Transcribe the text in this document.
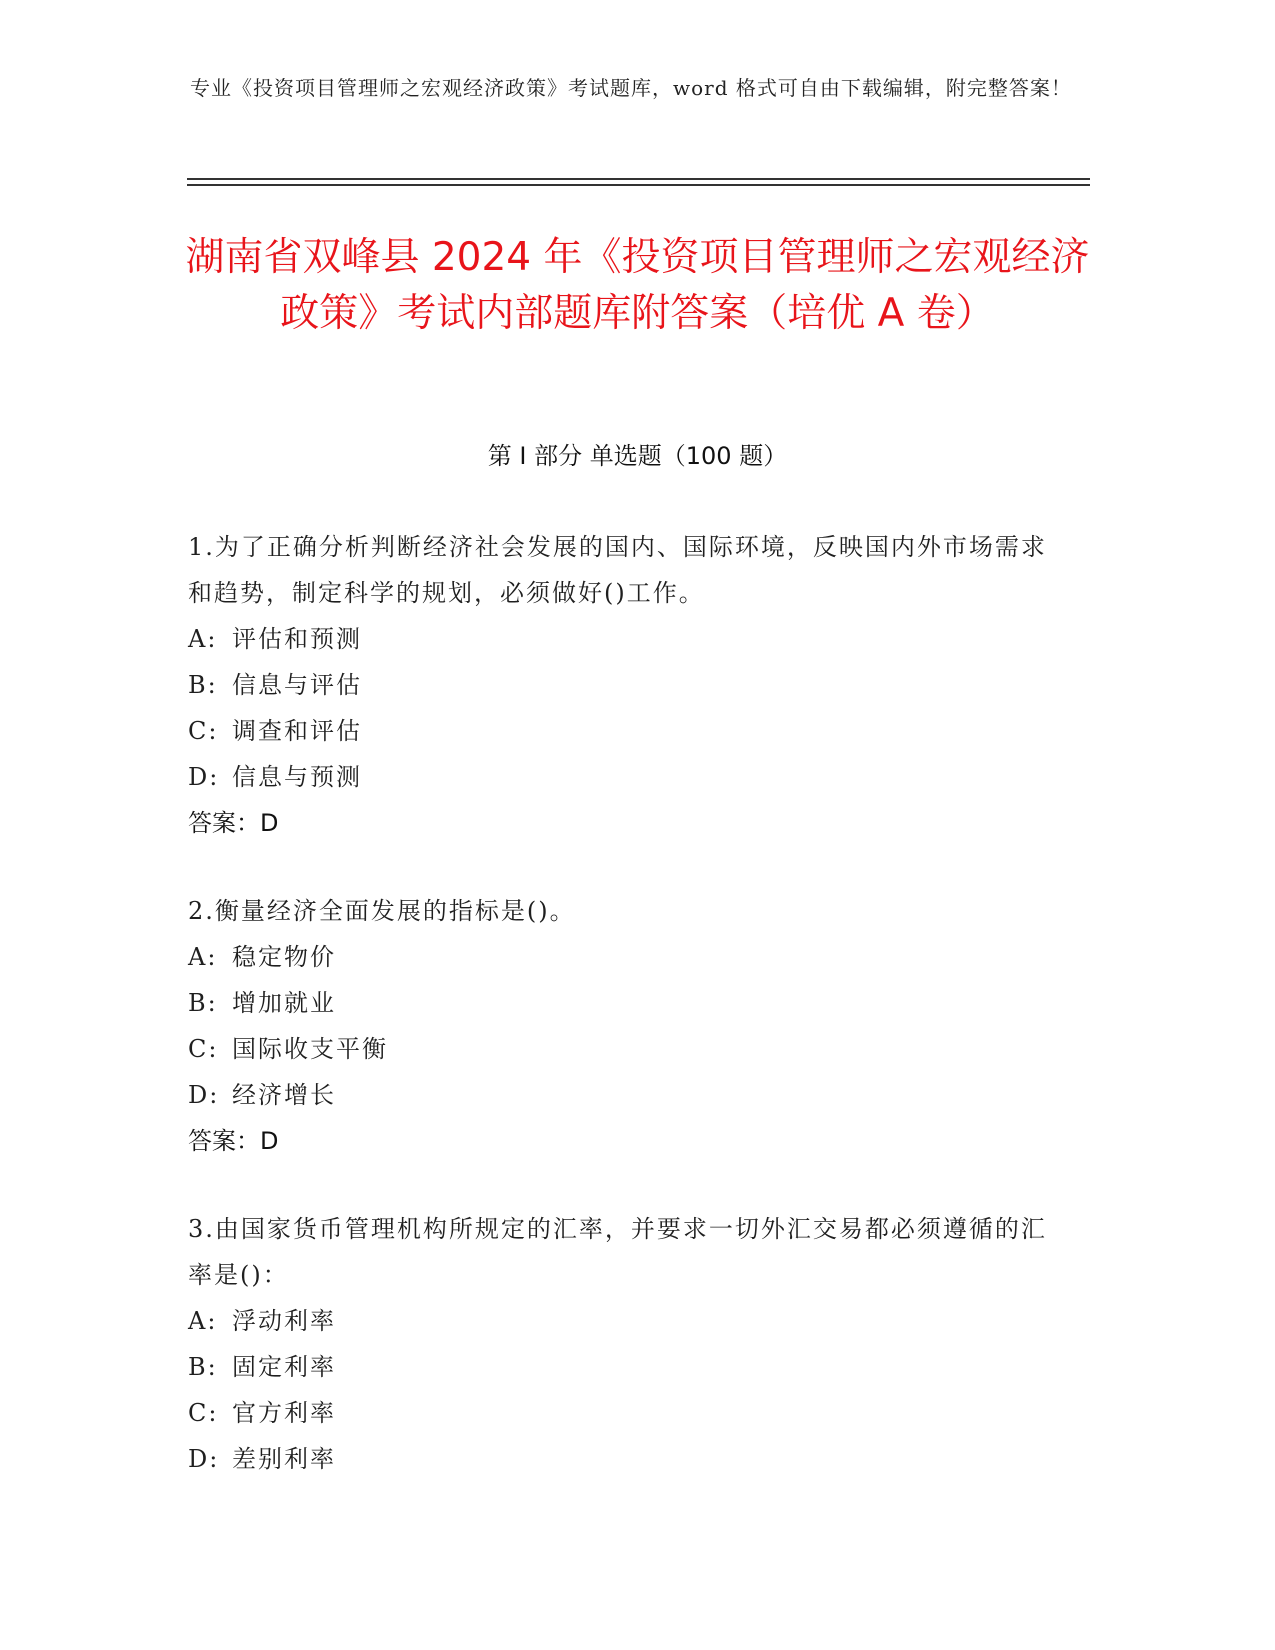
专业《投资项目管理师之宏观经济政策》考试题库，word 格式可自由下载编辑，附完整答案！
湖南省双峰县 2024 年《投资项目管理师之宏观经济政策》考试内部题库附答案（培优 A 卷）
第 I 部分 单选题（100 题）

1.为了正确分析判断经济社会发展的国内、国际环境，反映国内外市场需求和趋势，制定科学的规划，必须做好()工作。

A: 评估和预测

B: 信息与评估

C: 调查和评估

D: 信息与预测

答案：D

2.衡量经济全面发展的指标是()。

A: 稳定物价

B: 增加就业

C: 国际收支平衡

D: 经济增长

答案：D

3.由国家货币管理机构所规定的汇率，并要求一切外汇交易都必须遵循的汇率是()：

A: 浮动利率

B: 固定利率

C: 官方利率

D: 差别利率
